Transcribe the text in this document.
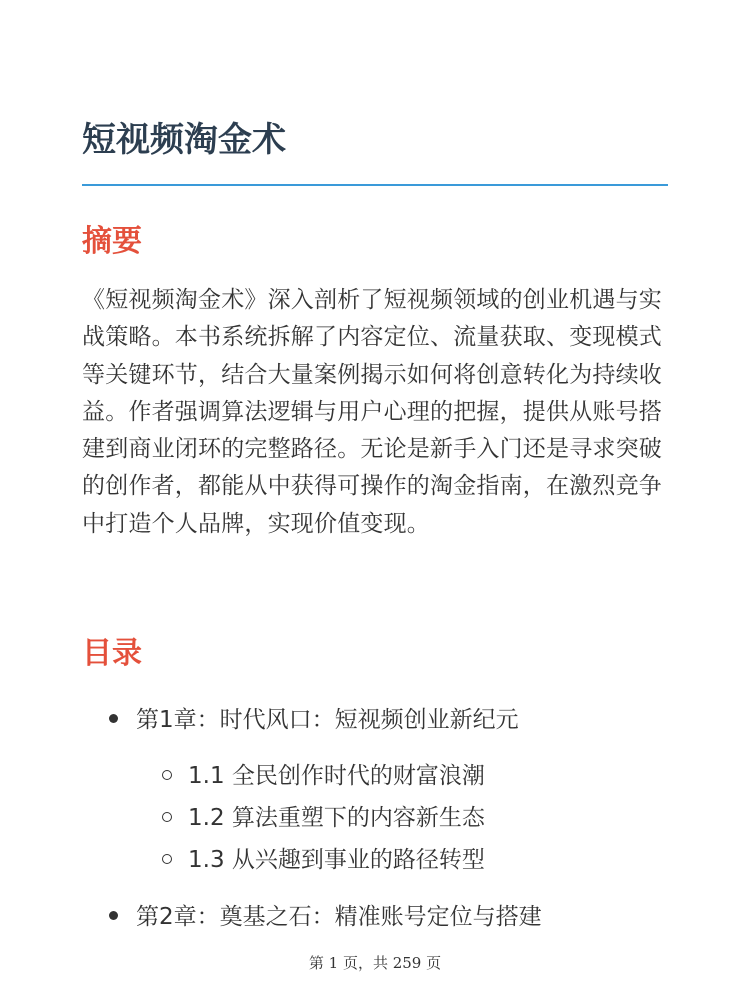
短视频淘金术
摘要

《短视频淘金术》深入剖析了短视频领域的创业机遇与实战策略。本书系统拆解了内容定位、流量获取、变现模式等关键环节，结合大量案例揭示如何将创意转化为持续收益。作者强调算法逻辑与用户心理的把握，提供从账号搭建到商业闭环的完整路径。无论是新手入门还是寻求突破的创作者，都能从中获得可操作的淘金指南，在激烈竞争中打造个人品牌，实现价值变现。

目录
第1章：时代风口：短视频创业新纪元
1.1 全民创作时代的财富浪潮
1.2 算法重塑下的内容新生态
1.3 从兴趣到事业的路径转型
第2章：奠基之石：精准账号定位与搭建
第 1 页，共 259 页
